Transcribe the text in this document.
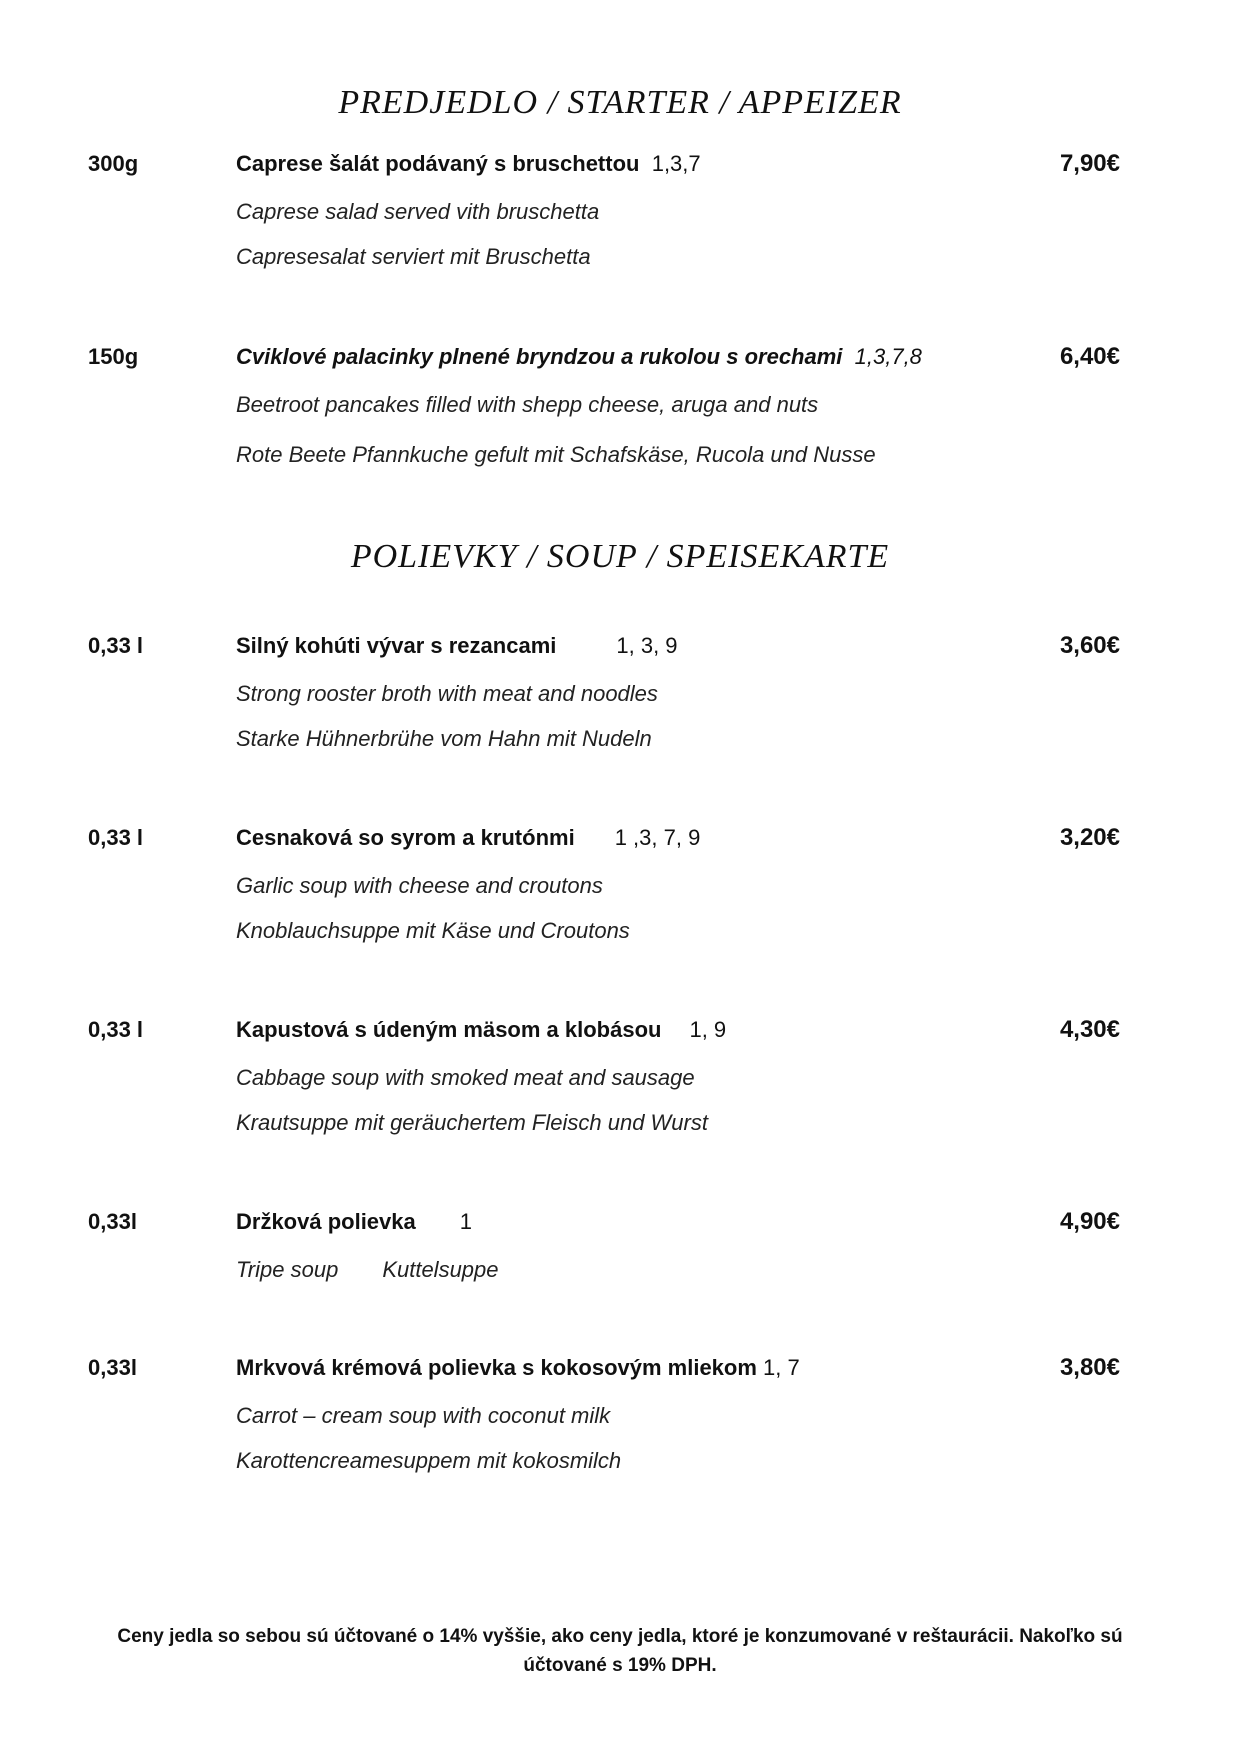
PREDJEDLO / STARTER / APPEIZER
300g	Caprese šalát podávaný s bruschettou 1,3,7	7,90€
Caprese salad served vith bruschetta
Capresesalat serviert mit Bruschetta
150g	Cviklové palacinky plnené bryndzou a rukolou s orechami 1,3,7,8	6,40€
Beetroot pancakes filled with shepp cheese, aruga and nuts
Rote Beete Pfannkuche gefult mit Schafskäse, Rucola und Nusse
POLIEVKY / SOUP / SPEISEKARTE
0,33 l	Silný kohúti vývar s rezancami	1, 3, 9	3,60€
Strong rooster broth with meat and noodles
Starke Hühnerbrühe vom Hahn mit Nudeln
0,33 l	Cesnaková so syrom a krutónmi 1 ,3, 7, 9	3,20€
Garlic soup with cheese and croutons
Knoblauchsuppe mit Käse und Croutons
0,33 l	Kapustová s údeným mäsom a klobásou 1, 9	4,30€
Cabbage soup with smoked meat and sausage
Krautsuppe mit geräuchertem Fleisch und Wurst
0,33l	Držková polievka 1	4,90€
Tripe soup Kuttelsuppe
0,33l	Mrkvová krémová polievka s kokosovým mliekom 1, 7	3,80€
Carrot – cream soup with coconut milk
Karottencreamesuppem mit kokosmilch
Ceny jedla so sebou sú účtované o 14% vyššie, ako ceny jedla, ktoré je konzumované v reštaurácii. Nakoľko sú
účtované s 19% DPH.
